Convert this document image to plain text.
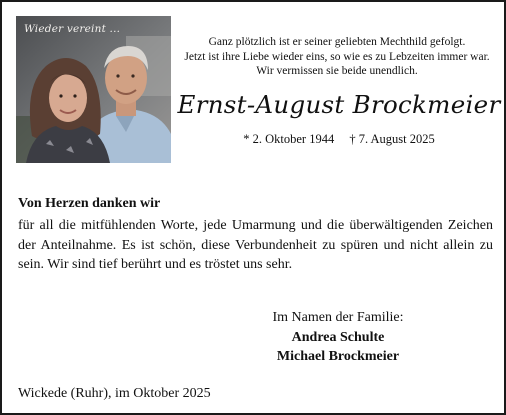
Wieder vereint ...
Ganz plötzlich ist er seiner geliebten Mechthild gefolgt.
Jetzt ist ihre Liebe wieder eins, so wie es zu Lebzeiten immer war.
Wir vermissen sie beide unendlich.
Ernst-August Brockmeier
* 2. Oktober 1944 † 7. August 2025
Von Herzen danken wir
für all die mitfühlenden Worte, jede Umarmung und die überwältigenden Zeichen der Anteilnahme. Es ist schön, diese Verbundenheit zu spüren und nicht allein zu sein. Wir sind tief berührt und es tröstet uns sehr.
Im Namen der Familie:
Andrea Schulte
Michael Brockmeier
Wickede (Ruhr), im Oktober 2025
